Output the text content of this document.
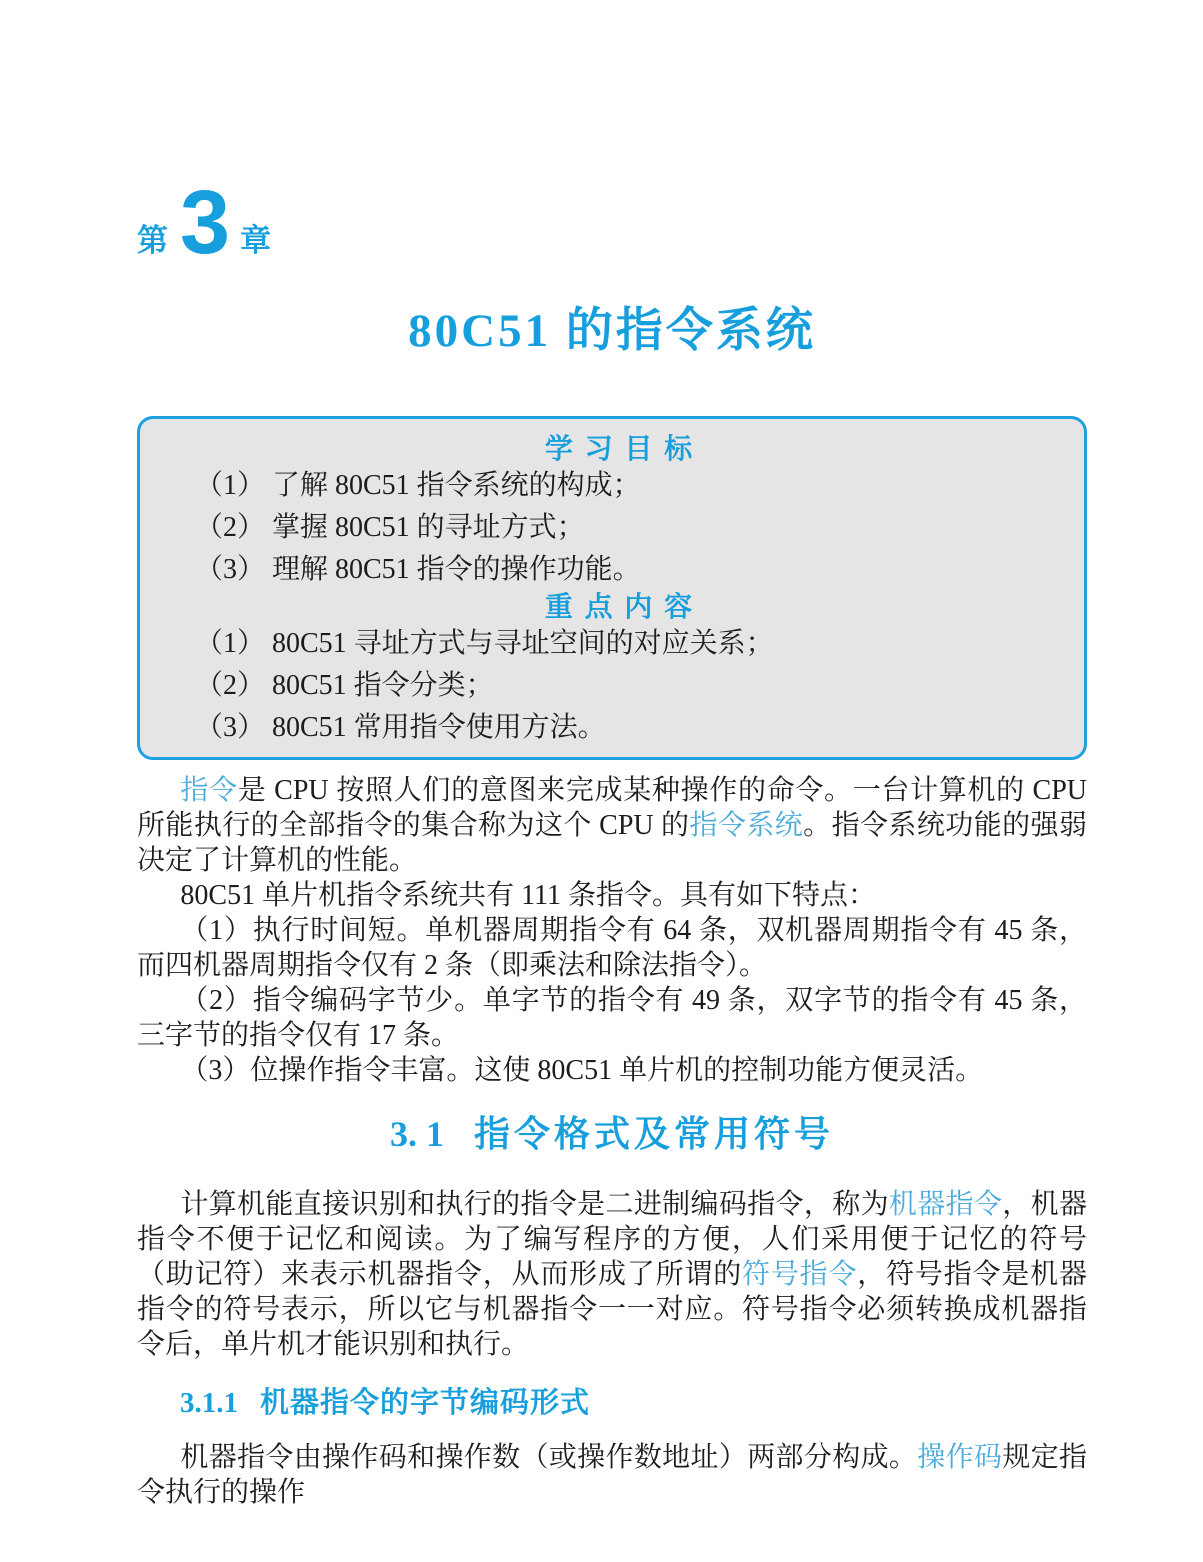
第 3 章
80C51 的指令系统
学 习 目 标
（1） 了解 80C51 指令系统的构成；
（2） 掌握 80C51 的寻址方式；
（3） 理解 80C51 指令的操作功能。
重 点 内 容
（1） 80C51 寻址方式与寻址空间的对应关系；
（2） 80C51 指令分类；
（3） 80C51 常用指令使用方法。

指令是 CPU 按照人们的意图来完成某种操作的命令。一台计算机的 CPU 所能执行的全部指令的集合称为这个 CPU 的指令系统。指令系统功能的强弱决定了计算机的性能。

80C51 单片机指令系统共有 111 条指令。具有如下特点：

（1）执行时间短。单机器周期指令有 64 条，双机器周期指令有 45 条，而四机器周期指令仅有 2 条（即乘法和除法指令）。

（2）指令编码字节少。单字节的指令有 49 条，双字节的指令有 45 条，三字节的指令仅有 17 条。

（3）位操作指令丰富。这使 80C51 单片机的控制功能方便灵活。

3. 1 指令格式及常用符号

计算机能直接识别和执行的指令是二进制编码指令，称为机器指令，机器指令不便于记忆和阅读。为了编写程序的方便，人们采用便于记忆的符号（助记符）来表示机器指令，从而形成了所谓的符号指令，符号指令是机器指令的符号表示，所以它与机器指令一一对应。符号指令必须转换成机器指令后，单片机才能识别和执行。

3.1.1 机器指令的字节编码形式

机器指令由操作码和操作数（或操作数地址）两部分构成。操作码规定指令执行的操作
